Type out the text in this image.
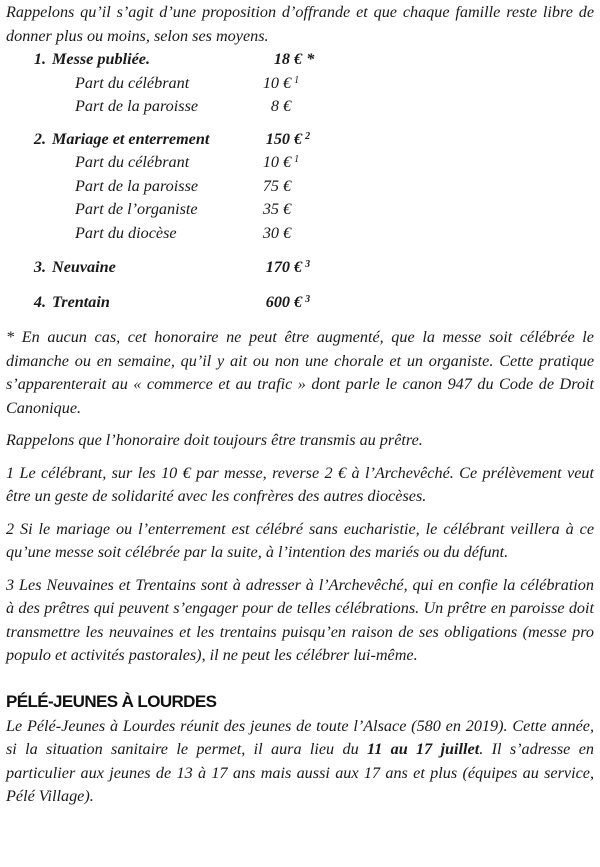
Rappelons qu’il s’agit d’une proposition d’offrande et que chaque famille reste libre de donner plus ou moins, selon ses moyens.

1. Messe publiée.	18 € *
Part du célébrant	10 € $^1$
Part de la paroisse	8 €
2. Mariage et enterrement	150 € $^2$
Part du célébrant	10 € $^1$
Part de la paroisse	75 €
Part de l’organiste	35 €
Part du diocèse	30 €
3. Neuvaine	170 € $^3$
4. Trentain	600 € $^3$

* En aucun cas, cet honoraire ne peut être augmenté, que la messe soit célébrée le dimanche ou en semaine, qu’il y ait ou non une chorale et un organiste. Cette pratique s’apparenterait au « commerce et au trafic » dont parle le canon 947 du Code de Droit Canonique.

Rappelons que l’honoraire doit toujours être transmis au prêtre.

1 Le célébrant, sur les 10 € par messe, reverse 2 € à l’Archevêché. Ce prélèvement veut être un geste de solidarité avec les confrères des autres diocèses.

2 Si le mariage ou l’enterrement est célébré sans eucharistie, le célébrant veillera à ce qu’une messe soit célébrée par la suite, à l’intention des mariés ou du défunt.

3 Les Neuvaines et Trentains sont à adresser à l’Archevêché, qui en confie la célébration à des prêtres qui peuvent s’engager pour de telles célébrations. Un prêtre en paroisse doit transmettre les neuvaines et les trentains puisqu’en raison de ses obligations (messe pro populo et activités pastorales), il ne peut les célébrer lui-même.

PÉLÉ-JEUNES À LOURDES

Le Pélé-Jeunes à Lourdes réunit des jeunes de toute l’Alsace (580 en 2019). Cette année, si la situation sanitaire le permet, il aura lieu du 11 au 17 juillet. Il s’adresse en particulier aux jeunes de 13 à 17 ans mais aussi aux 17 ans et plus (équipes au service, Pélé Village).
